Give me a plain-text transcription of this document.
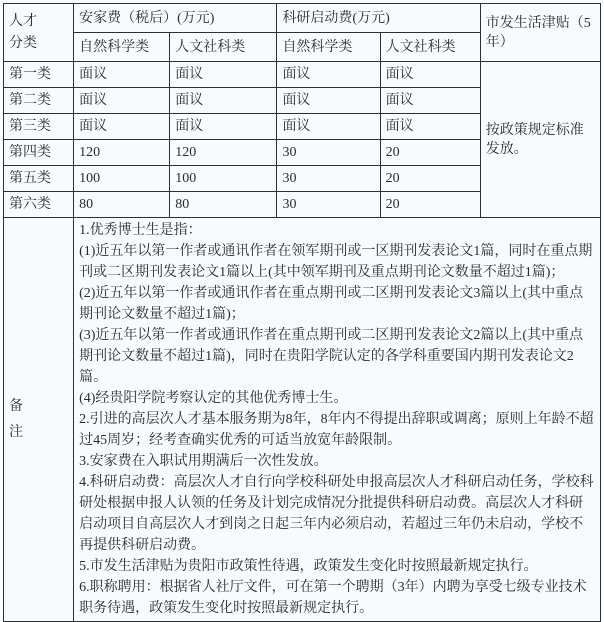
人才分类	安家费（税后）(万元)		科研启动费(万元)		市发生活津贴（5年）
	自然科学类	人文社科类	自然科学类	人文社科类	
第一类	面议	面议	面议	面议	按政策规定标准发放。
第二类	面议	面议	面议	面议	
第三类	面议	面议	面议	面议	
第四类	120	120	30	20	
第五类	100	100	30	20	
第六类	80	80	30	20	
备注	

1.优秀博士生是指：

(1)近五年以第一作者或通讯作者在领军期刊或一区期刊发表论文1篇，同时在重点期刊或二区期刊发表论文1篇以上(其中领军期刊及重点期刊论文数量不超过1篇)；

(2)近五年以第一作者或通讯作者在重点期刊或二区期刊发表论文3篇以上(其中重点期刊论文数量不超过1篇)；

(3)近五年以第一作者或通讯作者在重点期刊或二区期刊发表论文2篇以上(其中重点期刊论文数量不超过1篇)，同时在贵阳学院认定的各学科重要国内期刊发表论文2篇。

(4)经贵阳学院考察认定的其他优秀博士生。

2.引进的高层次人才基本服务期为8年，8年内不得提出辞职或调离；原则上年龄不超过45周岁；经考查确实优秀的可适当放宽年龄限制。

3.安家费在入职试用期满后一次性发放。

4.科研启动费：高层次人才自行向学校科研处申报高层次人才科研启动任务，学校科研处根据申报人认领的任务及计划完成情况分批提供科研启动费。高层次人才科研启动项目自高层次人才到岗之日起三年内必须启动，若超过三年仍未启动，学校不再提供科研启动费。

5.市发生活津贴为贵阳市政策性待遇，政策发生变化时按照最新规定执行。

6.职称聘用：根据省人社厅文件，可在第一个聘期（3年）内聘为享受七级专业技术职务待遇，政策发生变化时按照最新规定执行。
